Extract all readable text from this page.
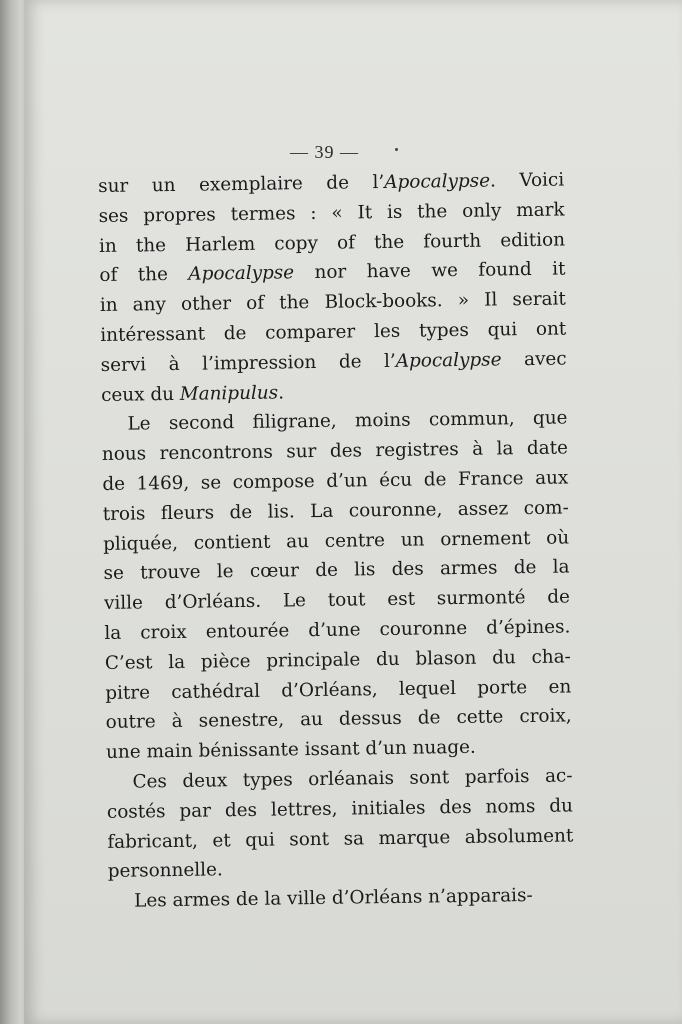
— 39 —
sur un exemplaire de l’Apocalypse. Voici
ses propres termes : « It is the only mark
in the Harlem copy of the fourth edition
of the Apocalypse nor have we found it
in any other of the Block-books. » Il serait
intéressant de comparer les types qui ont
servi à l’impression de l’Apocalypse avec
ceux du Manipulus.
Le second filigrane, moins commun, que
nous rencontrons sur des registres à la date
de 1469, se compose d’un écu de France aux
trois fleurs de lis. La couronne, assez com-
pliquée, contient au centre un ornement où
se trouve le cœur de lis des armes de la
ville d’Orléans. Le tout est surmonté de
la croix entourée d’une couronne d’épines.
C’est la pièce principale du blason du cha-
pitre cathédral d’Orléans, lequel porte en
outre à senestre, au dessus de cette croix,
une main bénissante issant d’un nuage.
Ces deux types orléanais sont parfois ac-
costés par des lettres, initiales des noms du
fabricant, et qui sont sa marque absolument
personnelle.
Les armes de la ville d’Orléans n’apparais-
